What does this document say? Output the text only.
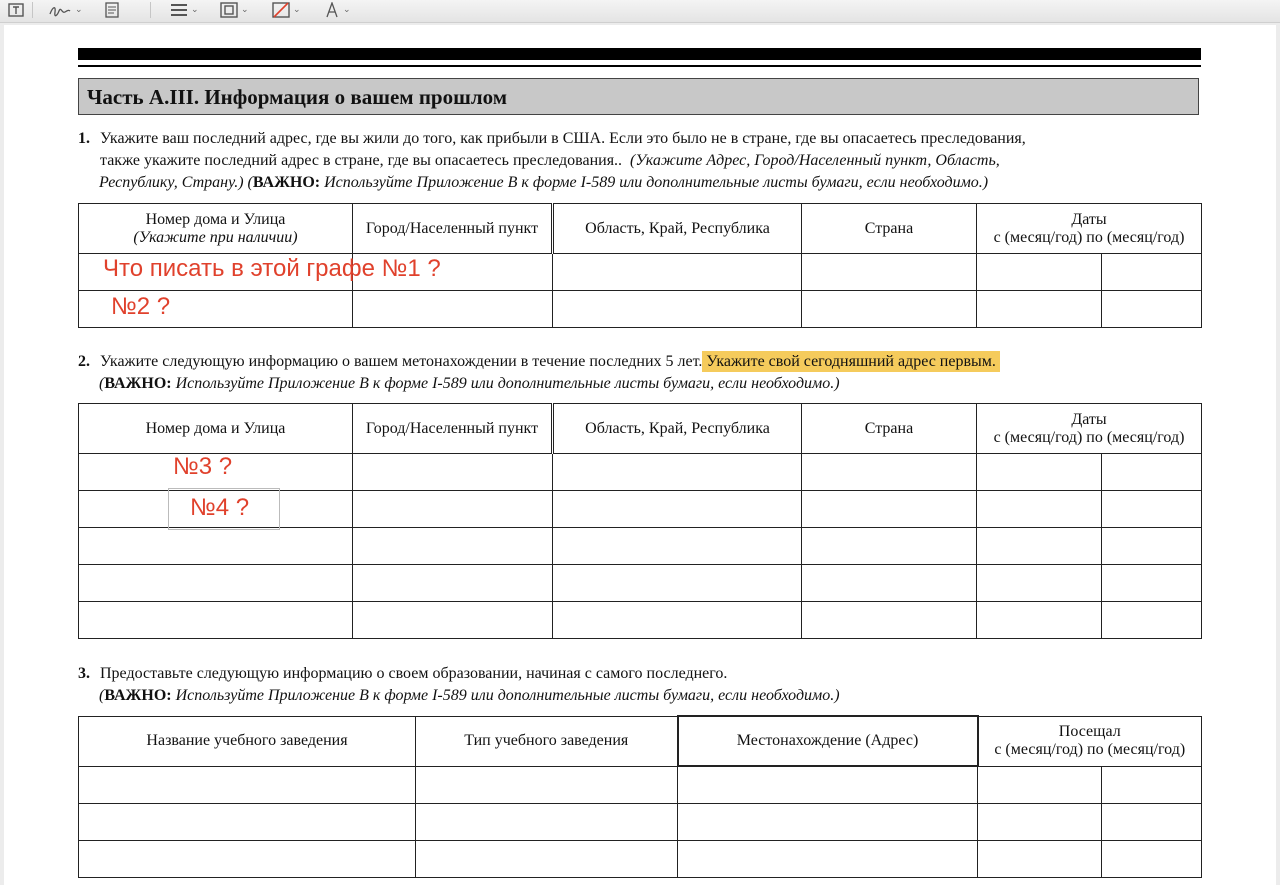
⌄	⌄	⌄	⌄	⌄
Часть A.III. Информация о вашем прошлом
1. Укажите ваш последний адрес, где вы жили до того, как прибыли в США. Если это было не в стране, где вы опасаетесь преследования,
также укажите последний адрес в стране, где вы опасаетесь преследования.. (Укажите Адрес, Город/Населенный пункт, Область,
Республику, Страну.) (ВАЖНО: Используйте Приложение B к форме I-589 или дополнительные листы бумаги, если необходимо.)
Номер дома и Улица
(Укажите при наличии)	Город/Населенный пункт	Область, Край, Республика	Страна	Даты
с (месяц/год) по (месяц/год)	

2. Укажите следующую информацию о вашем метонахождении в течение последних 5 лет. Укажите свой сегодняшний адрес первым.
(ВАЖНО: Используйте Приложение B к форме I-589 или дополнительные листы бумаги, если необходимо.)
Номер дома и Улица	Город/Населенный пункт	Область, Край, Республика	Страна	Даты
с (месяц/год) по (месяц/год)	

3. Предоставьте следующую информацию о своем образовании, начиная с самого последнего.
(ВАЖНО: Используйте Приложение B к форме I-589 или дополнительные листы бумаги, если необходимо.)
Название учебного заведения	Тип учебного заведения	Местонахождение (Адрес)	Посещал
с (месяц/год) по (месяц/год)	

Что писать в этой графе №1 ?
№2 ?
№3 ?
№4 ?
